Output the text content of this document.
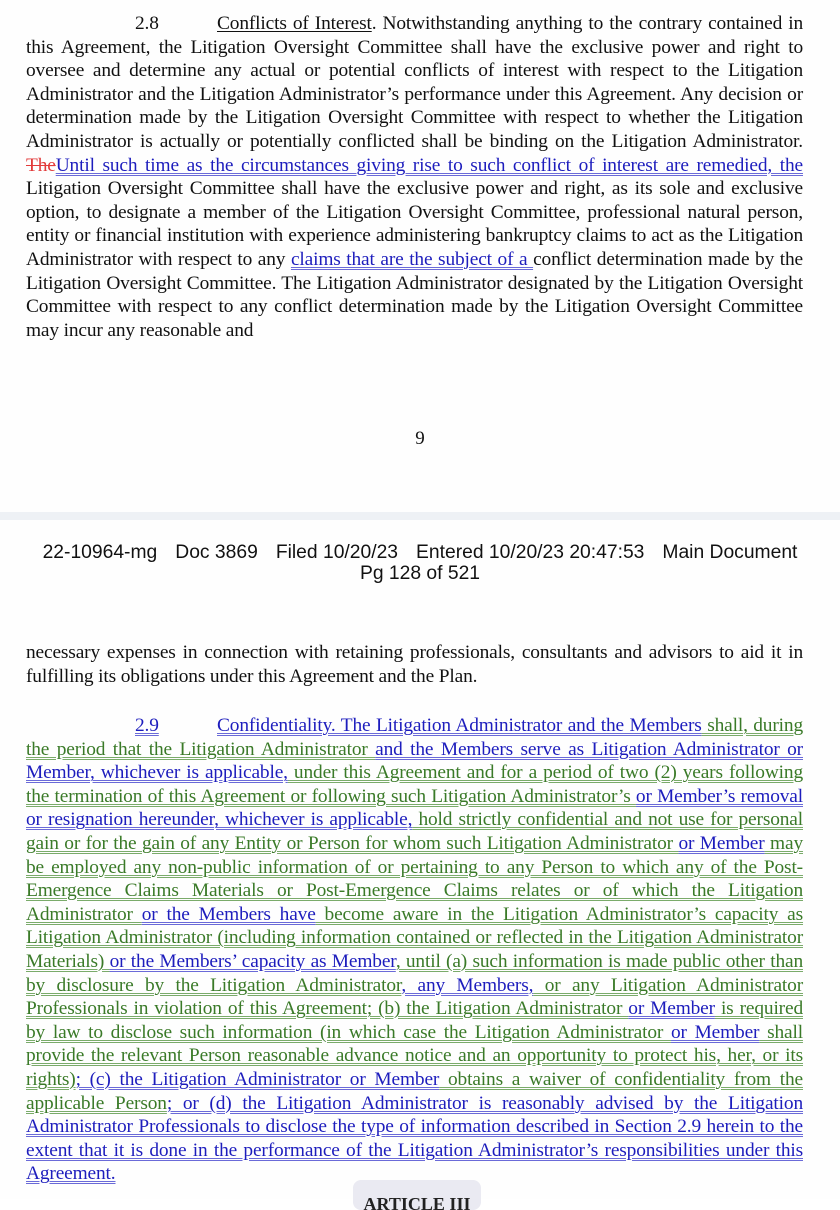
2.8	Conflicts of Interest. Notwithstanding anything to the contrary contained in this Agreement, the Litigation Oversight Committee shall have the exclusive power and right to oversee and determine any actual or potential conflicts of interest with respect to the Litigation Administrator and the Litigation Administrator’s performance under this Agreement. Any decision or determination made by the Litigation Oversight Committee with respect to whether the Litigation Administrator is actually or potentially conflicted shall be binding on the Litigation Administrator. TheUntil such time as the circumstances giving rise to such conflict of interest are remedied, the Litigation Oversight Committee shall have the exclusive power and right, as its sole and exclusive option, to designate a member of the Litigation Oversight Committee, professional natural person, entity or financial institution with experience administering bankruptcy claims to act as the Litigation Administrator with respect to any claims that are the subject of a conflict determination made by the Litigation Oversight Committee. The Litigation Administrator designated by the Litigation Oversight Committee with respect to any conflict determination made by the Litigation Oversight Committee may incur any reasonable and

9
22-10964-mg Doc 3869 Filed 10/20/23 Entered 10/20/23 20:47:53 Main Document
Pg 128 of 521

necessary expenses in connection with retaining professionals, consultants and advisors to aid it in fulfilling its obligations under this Agreement and the Plan.

2.9	Confidentiality. The Litigation Administrator and the Members shall, during the period that the Litigation Administrator and the Members serve as Litigation Administrator or Member, whichever is applicable, under this Agreement and for a period of two (2) years following the termination of this Agreement or following such Litigation Administrator’s or Member’s removal or resignation hereunder, whichever is applicable, hold strictly confidential and not use for personal gain or for the gain of any Entity or Person for whom such Litigation Administrator or Member may be employed any non-public information of or pertaining to any Person to which any of the Post-Emergence Claims Materials or Post-Emergence Claims relates or of which the Litigation Administrator or the Members have become aware in the Litigation Administrator’s capacity as Litigation Administrator (including information contained or reflected in the Litigation Administrator Materials) or the Members’ capacity as Member, until (a) such information is made public other than by disclosure by the Litigation Administrator, any Members, or any Litigation Administrator Professionals in violation of this Agreement; (b) the Litigation Administrator or Member is required by law to disclose such information (in which case the Litigation Administrator or Member shall provide the relevant Person reasonable advance notice and an opportunity to protect his, her, or its rights); (c) the Litigation Administrator or Member obtains a waiver of confidentiality from the applicable Person; or (d) the Litigation Administrator is reasonably advised by the Litigation Administrator Professionals to disclose the type of information described in Section 2.9 herein to the extent that it is done in the performance of the Litigation Administrator’s responsibilities under this Agreement.

ARTICLE III
